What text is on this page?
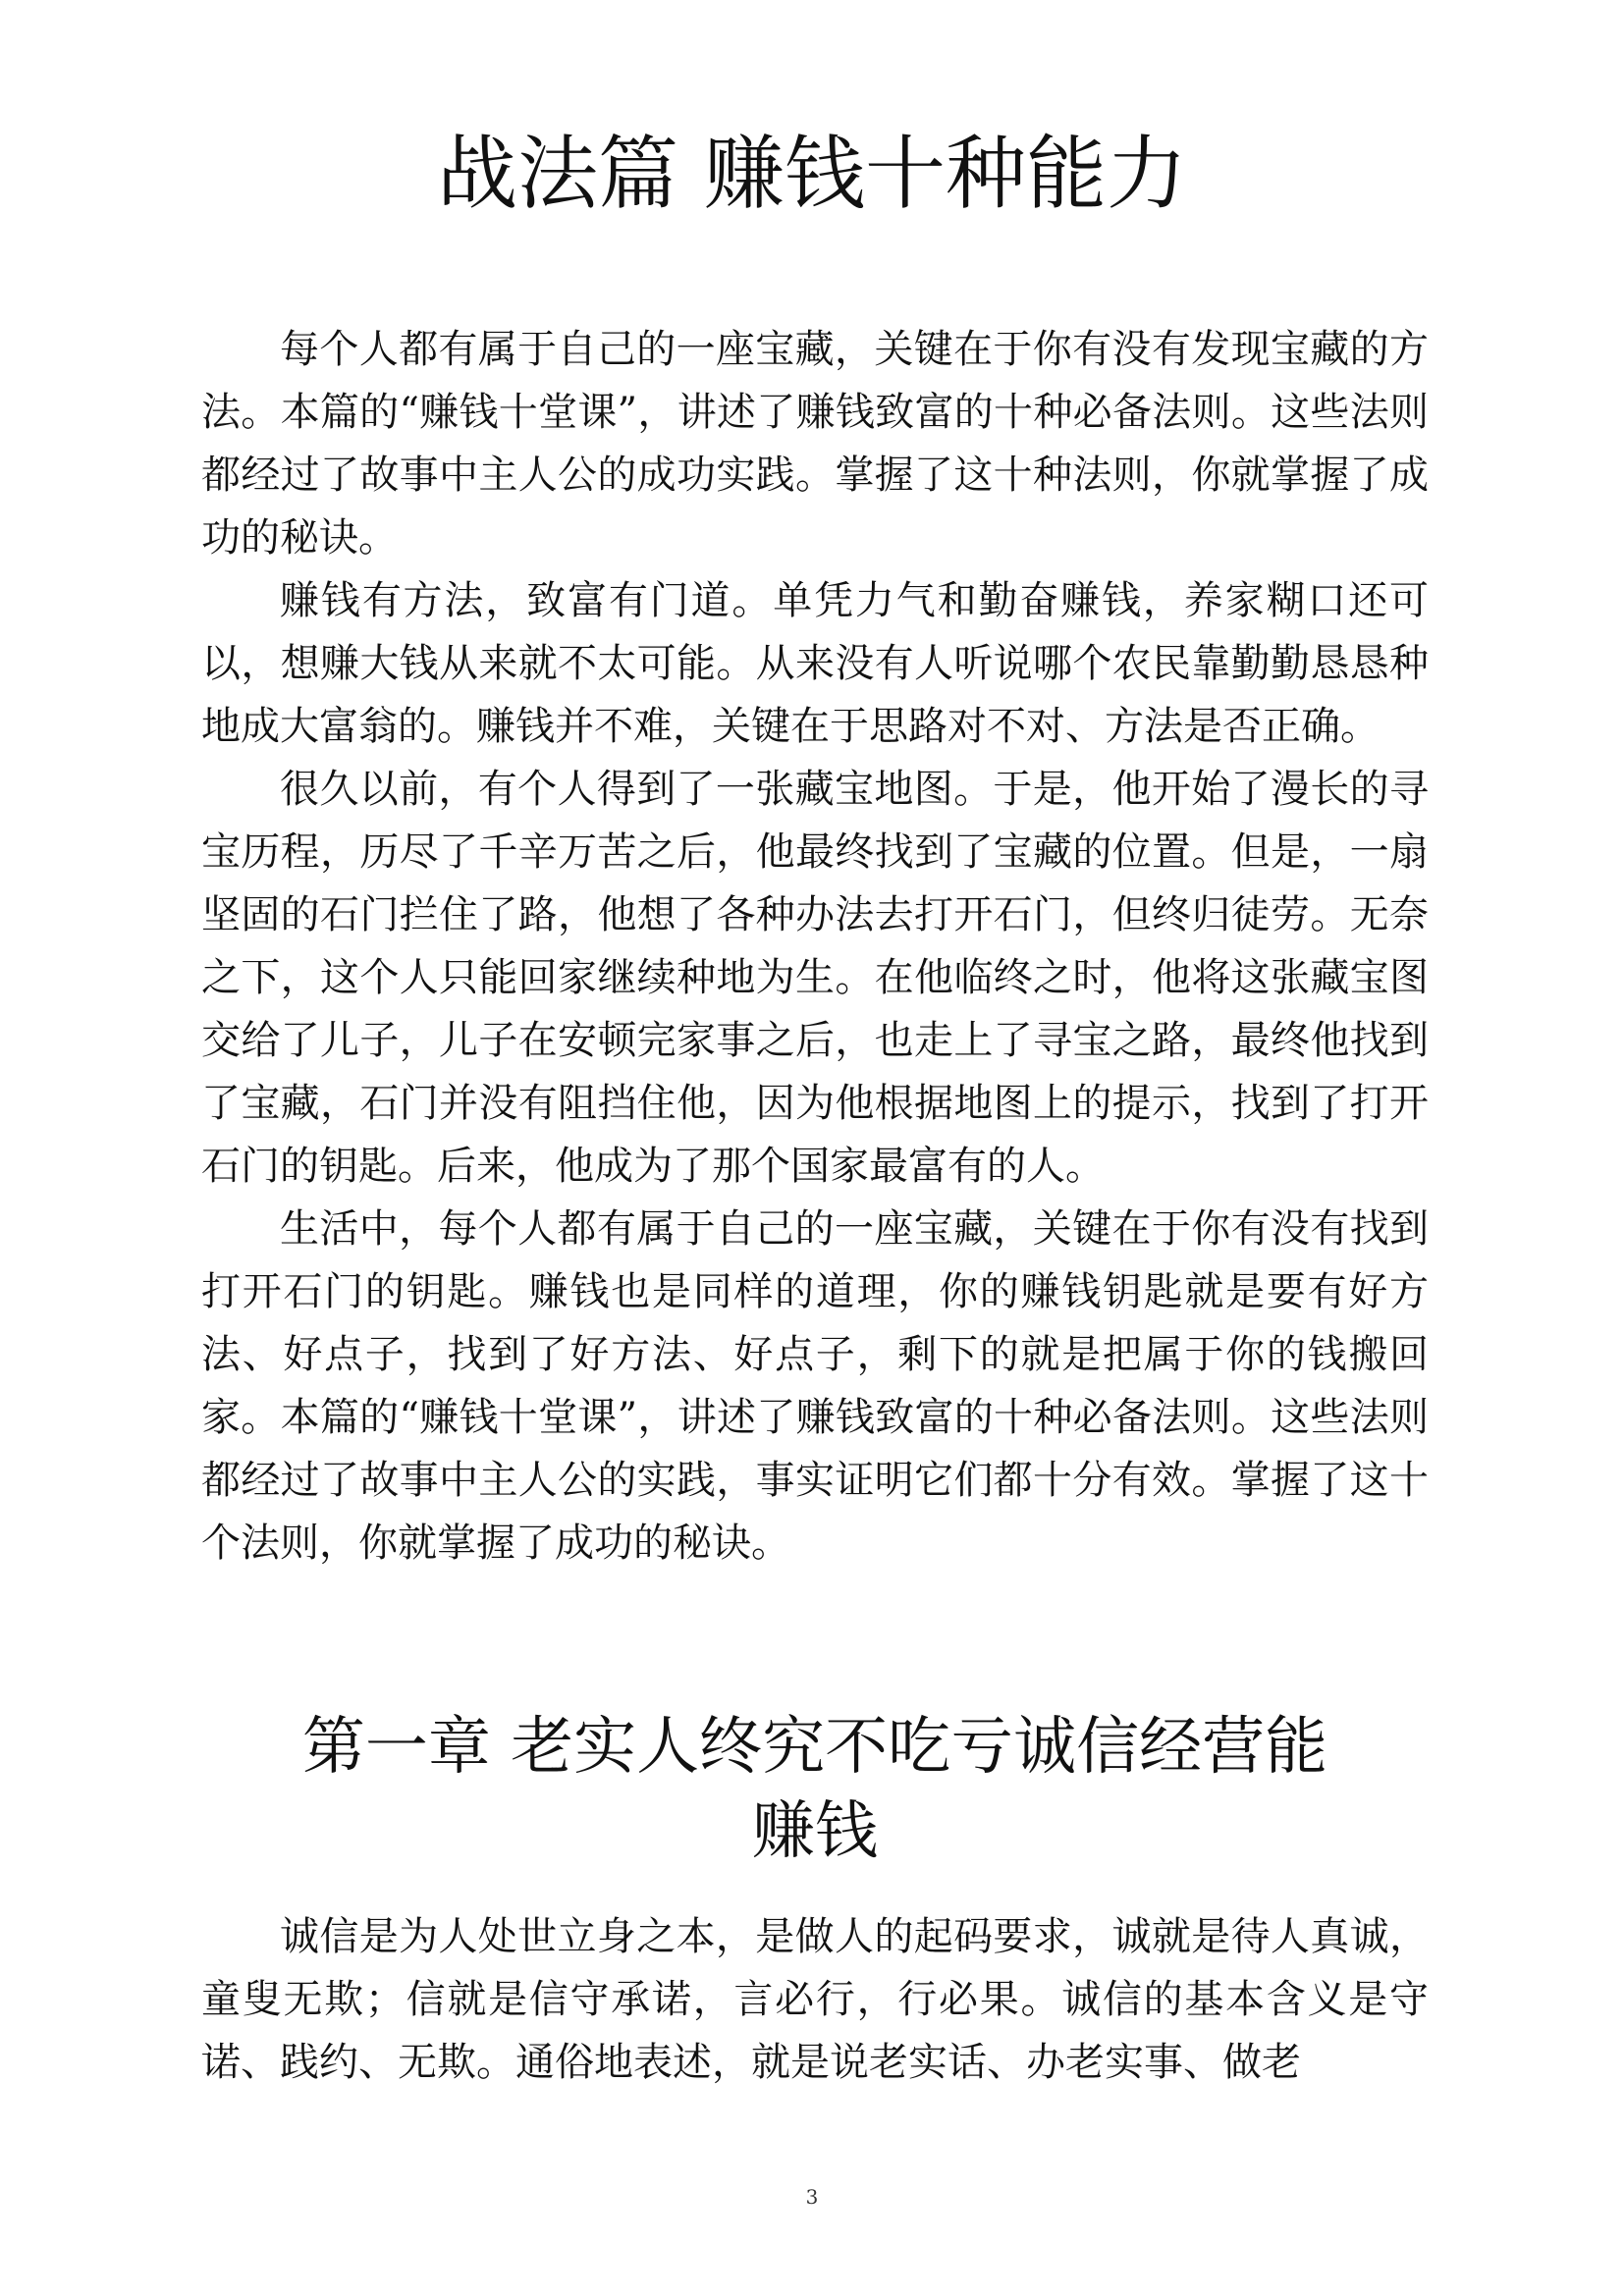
战法篇 赚钱十种能力

每个人都有属于自己的一座宝藏，关键在于你有没有发现宝藏的方法。本篇的“赚钱十堂课”，讲述了赚钱致富的十种必备法则。这些法则都经过了故事中主人公的成功实践。掌握了这十种法则，你就掌握了成功的秘诀。

赚钱有方法，致富有门道。单凭力气和勤奋赚钱，养家糊口还可以，想赚大钱从来就不太可能。从来没有人听说哪个农民靠勤勤恳恳种地成大富翁的。赚钱并不难，关键在于思路对不对、方法是否正确。

很久以前，有个人得到了一张藏宝地图。于是，他开始了漫长的寻宝历程，历尽了千辛万苦之后，他最终找到了宝藏的位置。但是，一扇坚固的石门拦住了路，他想了各种办法去打开石门，但终归徒劳。无奈之下，这个人只能回家继续种地为生。在他临终之时，他将这张藏宝图交给了儿子，儿子在安顿完家事之后，也走上了寻宝之路，最终他找到了宝藏，石门并没有阻挡住他，因为他根据地图上的提示，找到了打开石门的钥匙。后来，他成为了那个国家最富有的人。

生活中，每个人都有属于自己的一座宝藏，关键在于你有没有找到打开石门的钥匙。赚钱也是同样的道理，你的赚钱钥匙就是要有好方法、好点子，找到了好方法、好点子，剩下的就是把属于你的钱搬回家。本篇的“赚钱十堂课”，讲述了赚钱致富的十种必备法则。这些法则都经过了故事中主人公的实践，事实证明它们都十分有效。掌握了这十个法则，你就掌握了成功的秘诀。

第一章 老实人终究不吃亏诚信经营能
赚钱

诚信是为人处世立身之本，是做人的起码要求，诚就是待人真诚，童叟无欺；信就是信守承诺，言必行，行必果。诚信的基本含义是守诺、践约、无欺。通俗地表述，就是说老实话、办老实事、做老

3
